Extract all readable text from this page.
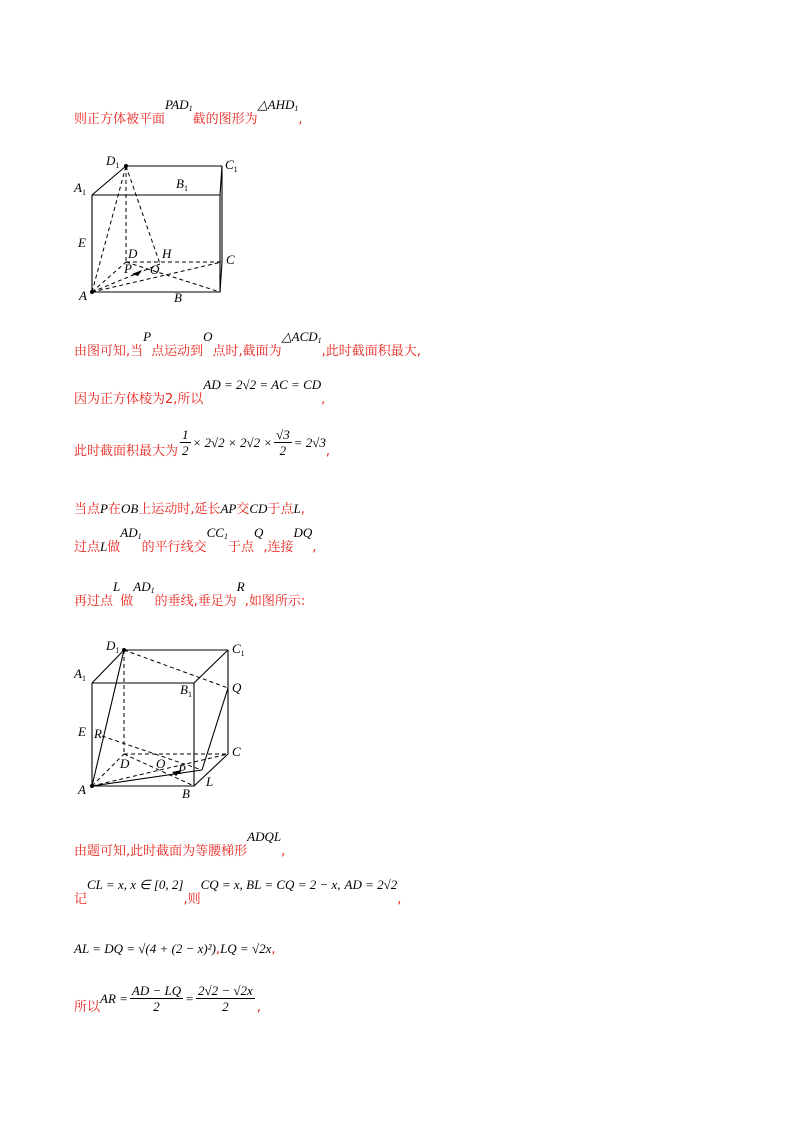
则正方体被平面$^{PAD_1}$截的图形为$^{\triangle AHD_1}$,
$D_1$	$C_1$
$A_1$
$B_1$
E
D H	C
P O
A	B
由图可知,当$^P$点运动到$^O$点时,截面为$^{\triangle ACD_1}$,此时截面积最大,
因为正方体棱为2,所以$^{AD = 2√2 = AC = CD}$,
此时截面积最大为 $\frac{1}{2} ^{\times 2√2 \times 2√2 \times} \frac{√3}{2} ^{= 2√3}$,
当点P在OB上运动时,延长AP交CD于点L,
过点L做$^{AD_1}$的平行线交$^{CC_1}$于点$^Q$,连接$^{DQ}$,
再过点$^L$做$^{AD_1}$的垂线,垂足为$^R$,如图所示:
$D_1$	$C_1$
$A_1$
$B_1$	Q
E R
D
C
O P
A	B
L
由题可知,此时截面为等腰梯形$^{ADQL}$,
记$^{CL = x, x \in [0, 2]}$,则$^{CQ = x, BL = CQ = 2 - x,}$ $^{AD = 2√2}$,
AL = DQ = √(4 + (2 − x)²),LQ = √2x,
所以$^{AR =} \frac{AD - LQ}{2} ^= \frac{2√2 - √2x}{2}$ ,
